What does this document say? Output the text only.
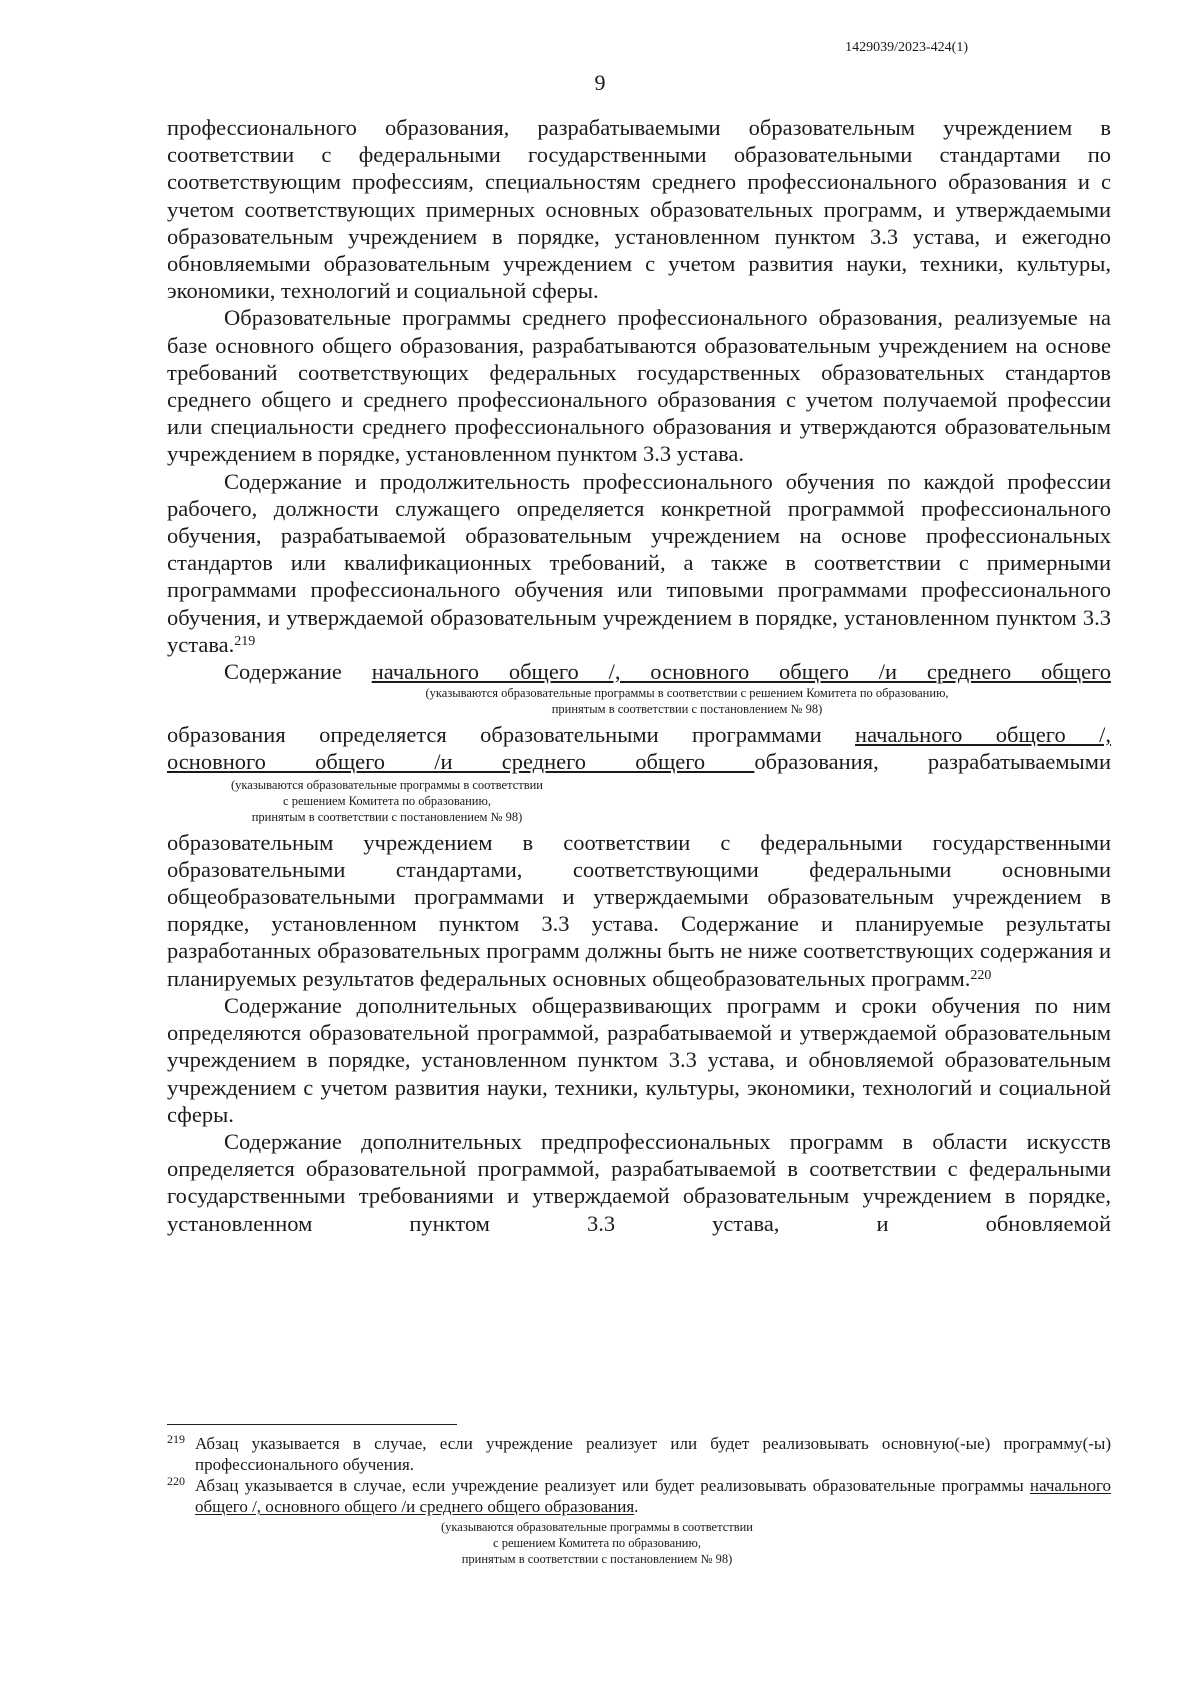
1429039/2023-424(1)
9

профессионального образования, разрабатываемыми образовательным учреждением в соответствии с федеральными государственными образовательными стандартами по соответствующим профессиям, специальностям среднего профессионального образования и с учетом соответствующих примерных основных образовательных программ, и утверждаемыми образовательным учреждением в порядке, установленном пунктом 3.3 устава, и ежегодно обновляемыми образовательным учреждением с учетом развития науки, техники, культуры, экономики, технологий и социальной сферы.

Образовательные программы среднего профессионального образования, реализуемые на базе основного общего образования, разрабатываются образовательным учреждением на основе требований соответствующих федеральных государственных образовательных стандартов среднего общего и среднего профессионального образования с учетом получаемой профессии или специальности среднего профессионального образования и утверждаются образовательным учреждением в порядке, установленном пунктом 3.3 устава.

Содержание и продолжительность профессионального обучения по каждой профессии рабочего, должности служащего определяется конкретной программой профессионального обучения, разрабатываемой образовательным учреждением на основе профессиональных стандартов или квалификационных требований, а также в соответствии с примерными программами профессионального обучения или типовыми программами профессионального обучения, и утверждаемой образовательным учреждением в порядке, установленном пунктом 3.3 устава.$^{219}$

Содержание начального общего /, основного общего /и среднего общего

(указываются образовательные программы в соответствии с решением Комитета по образованию,
принятым в соответствии с постановлением № 98)

образования определяется образовательными программами начального общего /,

основного общего /и среднего общего образования, разрабатываемыми

(указываются образовательные программы в соответствии
с решением Комитета по образованию,
принятым в соответствии с постановлением № 98)

образовательным учреждением в соответствии с федеральными государственными образовательными стандартами, соответствующими федеральными основными общеобразовательными программами и утверждаемыми образовательным учреждением в порядке, установленном пунктом 3.3 устава. Содержание и планируемые результаты разработанных образовательных программ должны быть не ниже соответствующих содержания и планируемых результатов федеральных основных общеобразовательных программ.$^{220}$

Содержание дополнительных общеразвивающих программ и сроки обучения по ним определяются образовательной программой, разрабатываемой и утверждаемой образовательным учреждением в порядке, установленном пунктом 3.3 устава, и обновляемой образовательным учреждением с учетом развития науки, техники, культуры, экономики, технологий и социальной сферы.

Содержание дополнительных предпрофессиональных программ в области искусств определяется образовательной программой, разрабатываемой в соответствии с федеральными государственными требованиями и утверждаемой образовательным учреждением в порядке, установленном пунктом 3.3 устава, и обновляемой

219 Абзац указывается в случае, если учреждение реализует или будет реализовывать основную(-ые) программу(-ы) профессионального обучения.

220 Абзац указывается в случае, если учреждение реализует или будет реализовывать образовательные программы начального общего /, основного общего /и среднего общего образования.

(указываются образовательные программы в соответствии
с решением Комитета по образованию,
принятым в соответствии с постановлением № 98)
